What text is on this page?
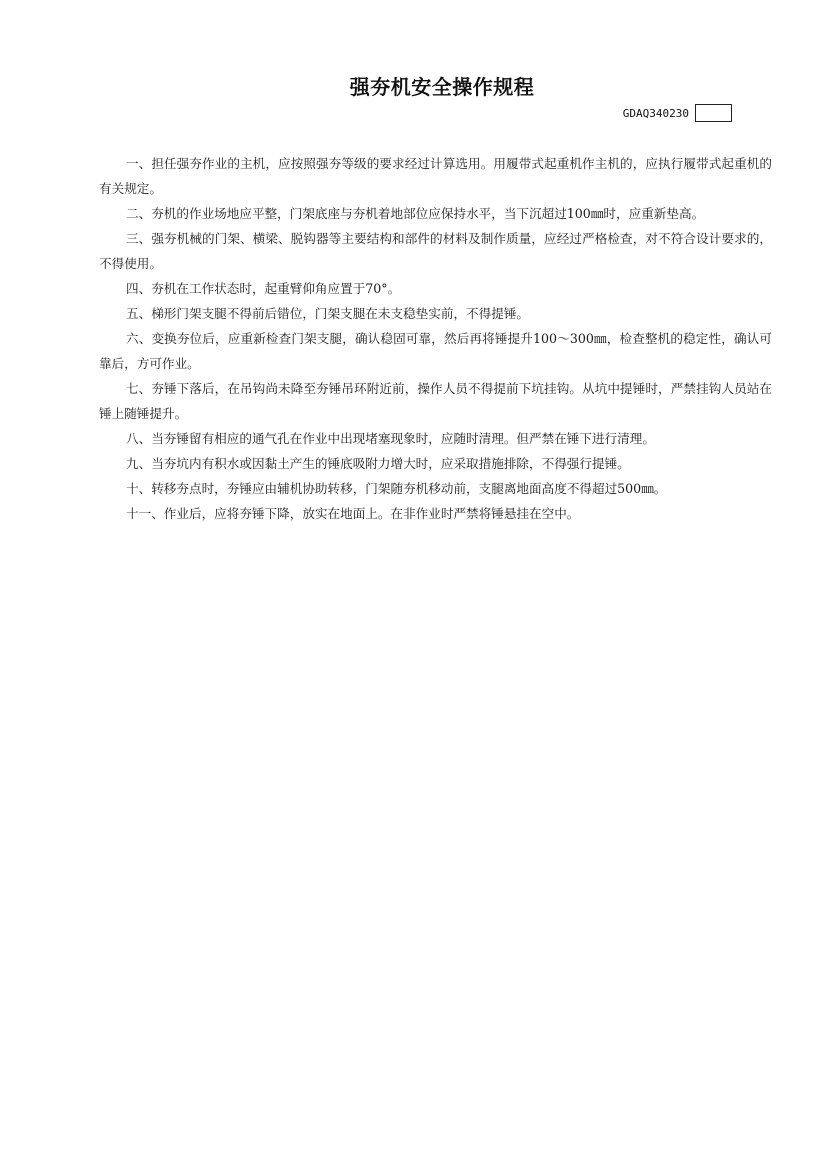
强夯机安全操作规程
GDAQ340230

一、担任强夯作业的主机，应按照强夯等级的要求经过计算选用。用履带式起重机作主机的，应执行履带式起重机的有关规定。

二、夯机的作业场地应平整，门架底座与夯机着地部位应保持水平，当下沉超过100㎜时，应重新垫高。

三、强夯机械的门架、横梁、脱钩器等主要结构和部件的材料及制作质量，应经过严格检查，对不符合设计要求的，不得使用。

四、夯机在工作状态时，起重臂仰角应置于70°。

五、梯形门架支腿不得前后错位，门架支腿在未支稳垫实前，不得提锤。

六、变换夯位后，应重新检查门架支腿，确认稳固可靠，然后再将锤提升100～300㎜，检查整机的稳定性，确认可靠后，方可作业。

七、夯锤下落后，在吊钩尚未降至夯锤吊环附近前，操作人员不得提前下坑挂钩。从坑中提锤时，严禁挂钩人员站在锤上随锤提升。

八、当夯锤留有相应的通气孔在作业中出现堵塞现象时，应随时清理。但严禁在锤下进行清理。

九、当夯坑内有积水或因黏土产生的锤底吸附力增大时，应采取措施排除，不得强行提锤。

十、转移夯点时，夯锤应由辅机协助转移，门架随夯机移动前，支腿离地面高度不得超过500㎜。

十一、作业后，应将夯锤下降，放实在地面上。在非作业时严禁将锤悬挂在空中。
